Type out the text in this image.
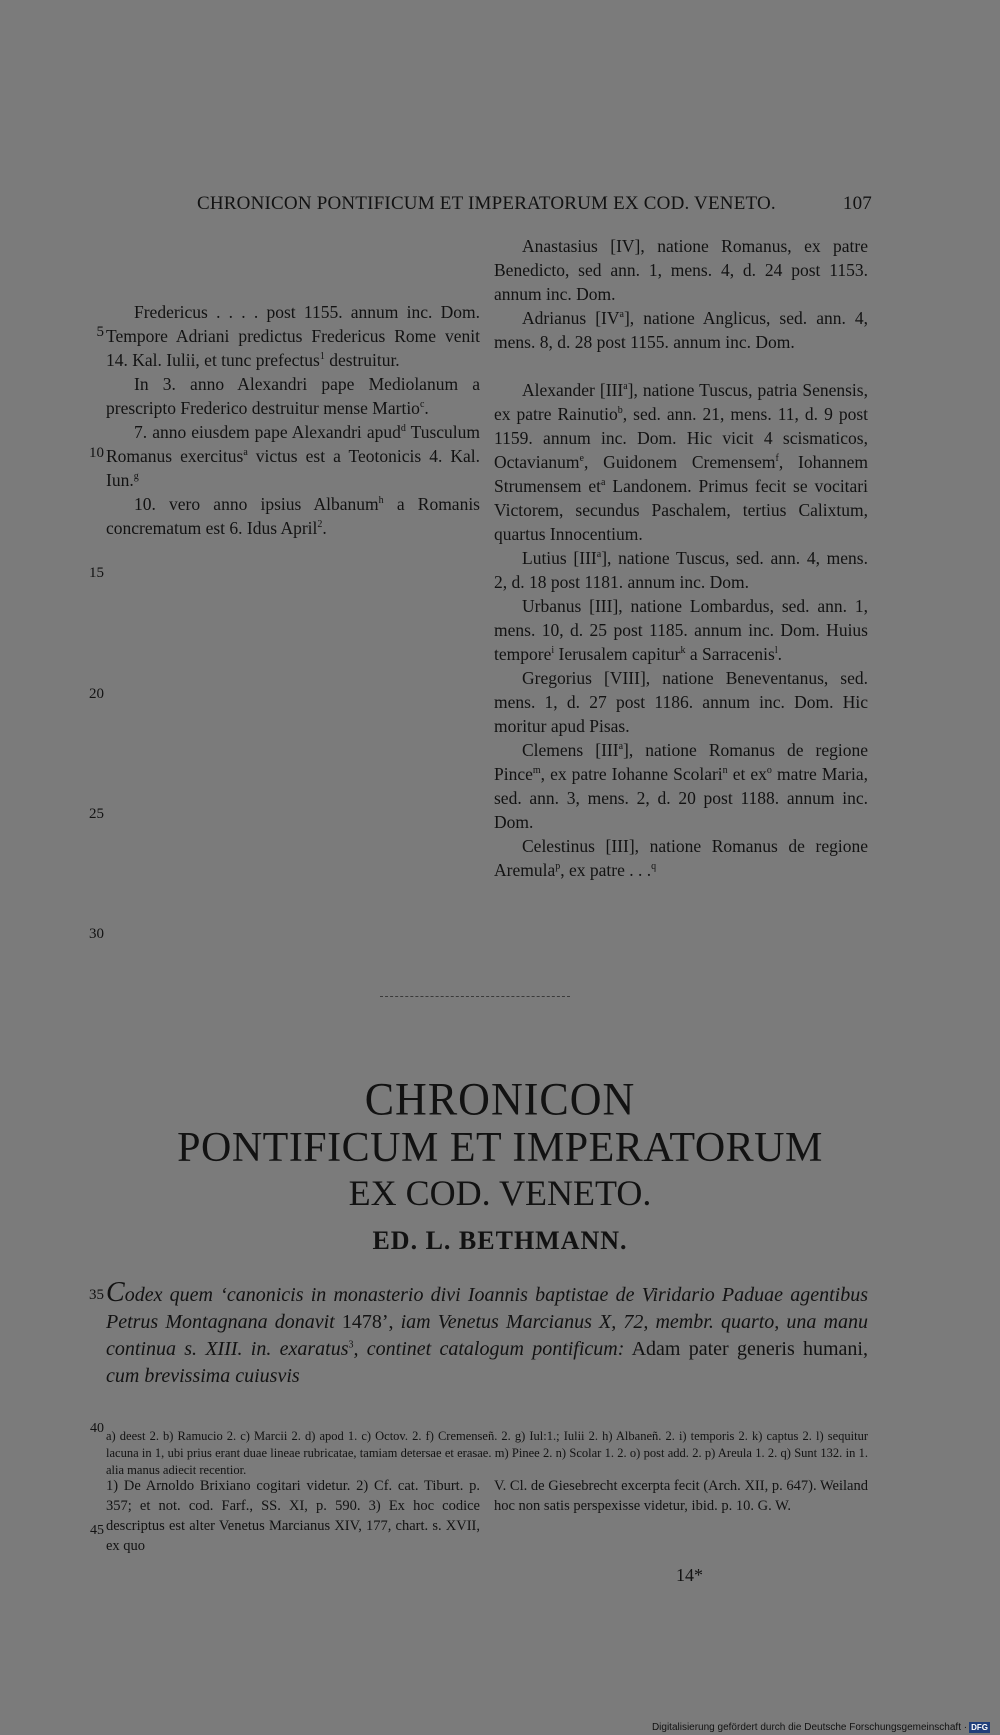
CHRONICON PONTIFICUM ET IMPERATORUM EX COD. VENETO.	107
5
10
15
20
25
30
35
40
45

Fredericus . . . . post 1155. annum inc. Dom. Tempore Adriani predictus Fredericus Rome venit 14. Kal. Iulii, et tunc prefectus$^1$ destruitur.

In 3. anno Alexandri pape Mediolanum a prescripto Frederico destruitur mense Martio$^c$.

7. anno eiusdem pape Alexandri apud$^d$ Tusculum Romanus exercitus$^a$ victus est a Teotonicis 4. Kal. Iun.$^g$

10. vero anno ipsius Albanum$^h$ a Romanis concrematum est 6. Idus April$^2$.

Anastasius [IV], natione Romanus, ex patre Benedicto, sed ann. 1, mens. 4, d. 24 post 1153. annum inc. Dom.

Adrianus $[IV^a]$, natione Anglicus, sed. ann. 4, mens. 8, d. 28 post 1155. annum inc. Dom.

Alexander [III$^a$], natione Tuscus, patria Senensis, ex patre Rainutio$^b$, sed. ann. 21, mens. 11, d. 9 post 1159. annum inc. Dom. Hic vicit 4 scismaticos, Octavianum$^e$, Guidonem Cremensem$^f$, Iohannem Strumensem $et^a$ Landonem. Primus fecit se vocitari Victorem, secundus Paschalem, tertius Calixtum, quartus Innocentium.

Lutius [III$^a$], natione Tuscus, sed. ann. 4, mens. 2, d. 18 post 1181. annum inc. Dom.

Urbanus [III], natione Lombardus, sed. ann. 1, mens. 10, d. 25 post 1185. annum inc. Dom. Huius tempore$^i$ Ierusalem capitur$^k$ a Sarracenis$^l$.

Gregorius [VIII], natione Beneventanus, sed. mens. 1, d. 27 post 1186. annum inc. Dom. Hic moritur apud Pisas.

Clemens [III$^a$], natione Romanus de regione Pince$^m$, ex patre Iohanne Scolari$^n$ et $ex^o$ matre Maria, sed. ann. 3, mens. 2, d. 20 post 1188. annum inc. Dom.

Celestinus [III], natione Romanus de regione Aremula$^p$, ex patre . . .$^q$

CHRONICON
PONTIFICUM ET IMPERATORUM
EX COD. VENETO.
ED. L. BETHMANN.
Codex quem ‘canonicis in monasterio divi Ioannis baptistae de Viridario Paduae agentibus Petrus Montagnana donavit 1478’, iam Venetus Marcianus X, 72, membr. quarto, una manu continua s. XIII. in. exaratus$^3$, continet catalogum pontificum: Adam pater generis humani, cum brevissima cuiusvis
a) deest 2. b) Ramucio 2. c) Marcii 2. d) apod 1. c) Octov. 2. f) Cremenseñ. 2. g) Iul:1.; Iulii 2. h) Albaneñ. 2. i) temporis 2. k) captus 2. l) sequitur lacuna in 1, ubi prius erant duae lineae rubricatae, tamiam detersae et erasae. m) Pinee 2. n) Scolar 1. 2. o) post add. 2. p) Areula 1. 2. q) Sunt 132. in 1. alia manus adiecit recentior.
1) De Arnoldo Brixiano cogitari videtur. 2) Cf. cat. Tiburt. p. 357; et not. cod. Farf., SS. XI, p. 590. 3) Ex hoc codice descriptus est alter Venetus Marcianus XIV, 177, chart. s. XVII, ex quo
V. Cl. de Giesebrecht excerpta fecit (Arch. XII, p. 647). Weiland hoc non satis perspexisse videtur, ibid. p. 10. G. W.
14*
Digitalisierung gefördert durch die Deutsche Forschungsgemeinschaft · DFG
